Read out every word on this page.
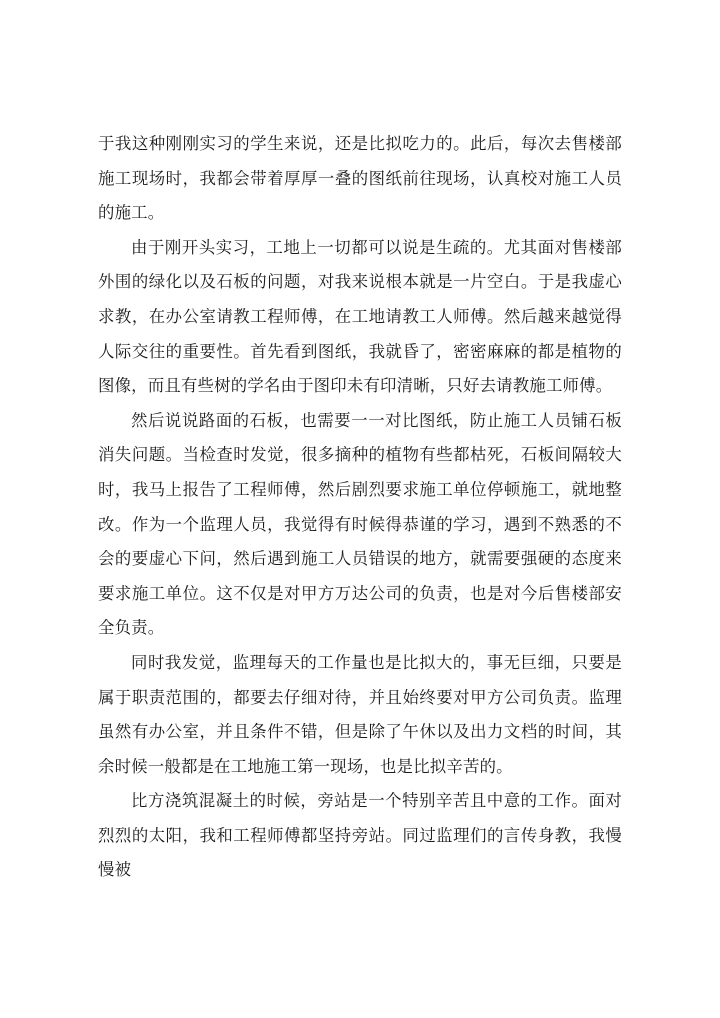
于我这种刚刚实习的学生来说，还是比拟吃力的。此后，每次去售楼部施工现场时，我都会带着厚厚一叠的图纸前往现场，认真校对施工人员的施工。

由于刚开头实习，工地上一切都可以说是生疏的。尤其面对售楼部外围的绿化以及石板的问题，对我来说根本就是一片空白。于是我虚心求教，在办公室请教工程师傅，在工地请教工人师傅。然后越来越觉得人际交往的重要性。首先看到图纸，我就昏了，密密麻麻的都是植物的图像，而且有些树的学名由于图印未有印清晰，只好去请教施工师傅。

然后说说路面的石板，也需要一一对比图纸，防止施工人员铺石板消失问题。当检查时发觉，很多摘种的植物有些都枯死，石板间隔较大时，我马上报告了工程师傅，然后剧烈要求施工单位停顿施工，就地整改。作为一个监理人员，我觉得有时候得恭谨的学习，遇到不熟悉的不会的要虚心下问，然后遇到施工人员错误的地方，就需要强硬的态度来要求施工单位。这不仅是对甲方万达公司的负责，也是对今后售楼部安全负责。

同时我发觉，监理每天的工作量也是比拟大的，事无巨细，只要是属于职责范围的，都要去仔细对待，并且始终要对甲方公司负责。监理虽然有办公室，并且条件不错，但是除了午休以及出力文档的时间，其余时候一般都是在工地施工第一现场，也是比拟辛苦的。

比方浇筑混凝土的时候，旁站是一个特别辛苦且中意的工作。面对烈烈的太阳，我和工程师傅都坚持旁站。同过监理们的言传身教，我慢慢被
